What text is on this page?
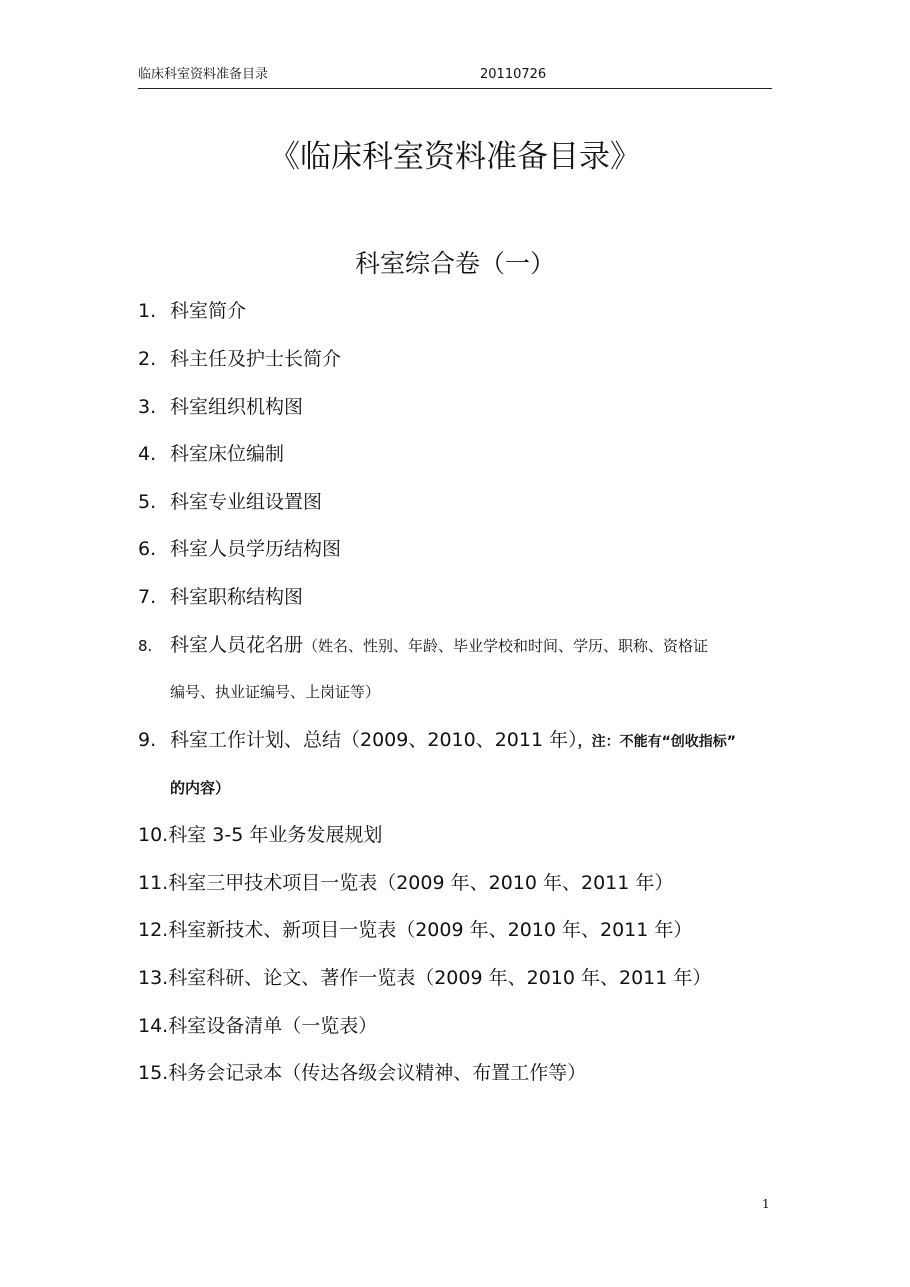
临床科室资料准备目录	20110726
《临床科室资料准备目录》
科室综合卷（一）
1. 科室简介
2. 科主任及护士长简介
3. 科室组织机构图
4. 科室床位编制
5. 科室专业组设置图
6. 科室人员学历结构图
7. 科室职称结构图
8. 科室人员花名册（姓名、性别、年龄、毕业学校和时间、学历、职称、资格证
编号、执业证编号、上岗证等）
9. 科室工作计划、总结（2009、2010、2011 年），注：不能有“创收指标”
的内容）
10.科室 3-5 年业务发展规划
11.科室三甲技术项目一览表（2009 年、2010 年、2011 年）
12.科室新技术、新项目一览表（2009 年、2010 年、2011 年）
13.科室科研、论文、著作一览表（2009 年、2010 年、2011 年）
14.科室设备清单（一览表）
15.科务会记录本（传达各级会议精神、布置工作等）
1
